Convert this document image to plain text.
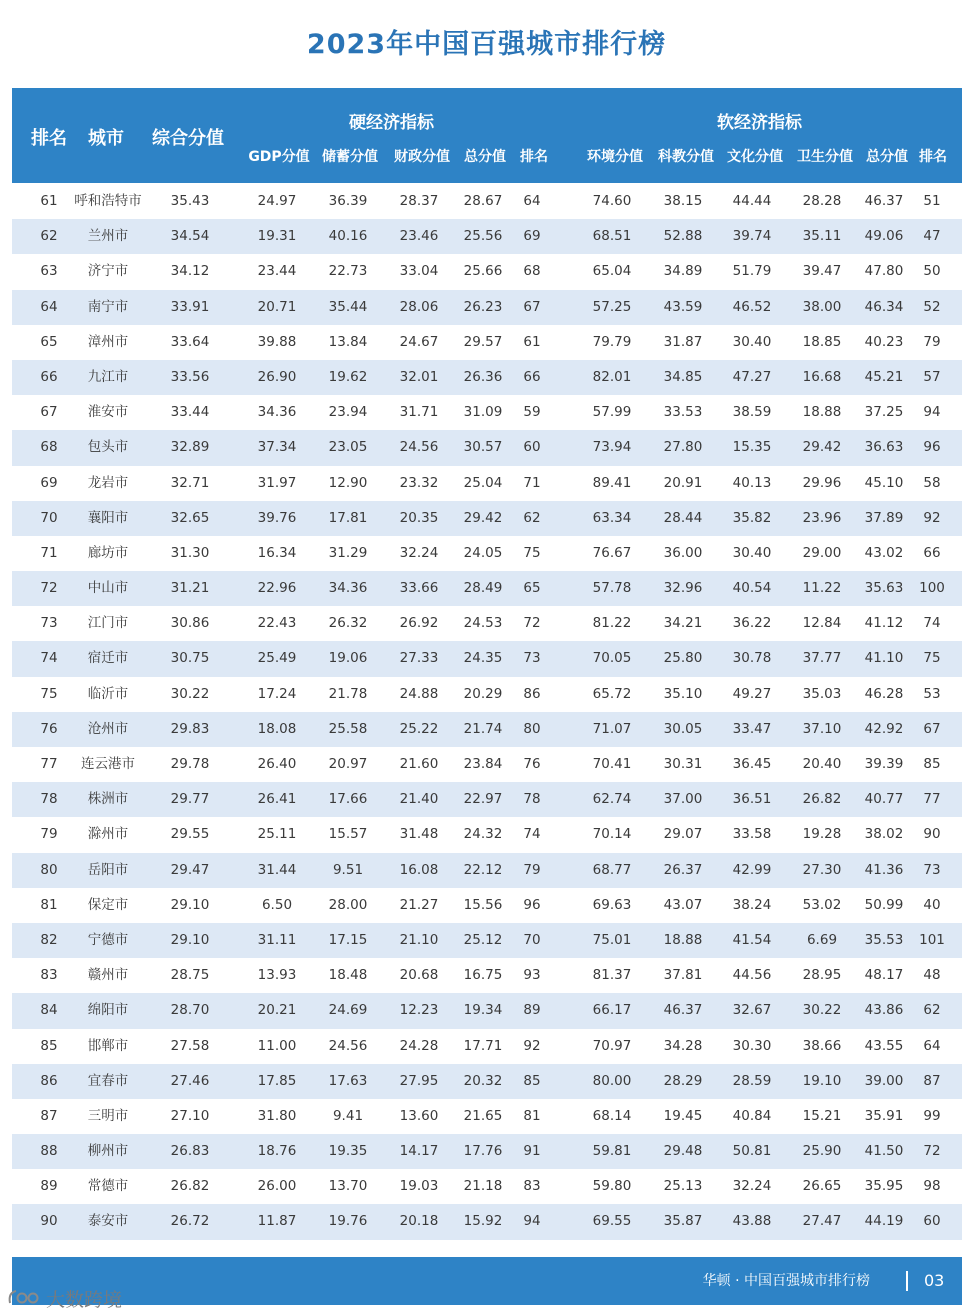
2023年中国百强城市排行榜
排名 城市 综合分值
硬经济指标	软经济指标
GDP分值 储蓄分值 财政分值 总分值 排名	环境分值 科教分值 文化分值 卫生分值 总分值 排名
61 呼和浩特市 35.43	24.97 36.39 28.37 28.67 64	74.60 38.15 44.44 28.28 46.37 51
62 兰州市	34.54	19.31 40.16 23.46 25.56 69	68.51 52.88 39.74 35.11 49.06 47
63 济宁市	34.12	23.44 22.73 33.04 25.66 68	65.04 34.89 51.79 39.47 47.80 50
64 南宁市	33.91	20.71 35.44 28.06 26.23 67	57.25 43.59 46.52 38.00 46.34 52
65 漳州市	33.64	39.88 13.84 24.67 29.57 61	79.79 31.87 30.40 18.85 40.23 79
66 九江市	33.56	26.90 19.62 32.01 26.36 66	82.01 34.85 47.27 16.68 45.21 57
67 淮安市	33.44	34.36 23.94 31.71 31.09 59	57.99 33.53 38.59 18.88 37.25 94
68 包头市	32.89	37.34 23.05 24.56 30.57 60	73.94 27.80 15.35 29.42 36.63 96
69 龙岩市	32.71	31.97 12.90 23.32 25.04 71	89.41 20.91 40.13 29.96 45.10 58
70 襄阳市	32.65	39.76 17.81 20.35 29.42 62	63.34 28.44 35.82 23.96 37.89 92
71 廊坊市	31.30	16.34 31.29 32.24 24.05 75	76.67 36.00 30.40 29.00 43.02 66
72 中山市	31.21	22.96 34.36 33.66 28.49 65	57.78 32.96 40.54 11.22 35.63 100
73 江门市	30.86	22.43 26.32 26.92 24.53 72	81.22 34.21 36.22 12.84 41.12 74
74 宿迁市	30.75	25.49 19.06 27.33 24.35 73	70.05 25.80 30.78 37.77 41.10 75
75 临沂市	30.22	17.24 21.78 24.88 20.29 86	65.72 35.10 49.27 35.03 46.28 53
76 沧州市	29.83	18.08 25.58 25.22 21.74 80	71.07 30.05 33.47 37.10 42.92 67
77 连云港市	29.78	26.40 20.97 21.60 23.84 76	70.41 30.31 36.45 20.40 39.39 85
78 株洲市	29.77	26.41 17.66 21.40 22.97 78	62.74 37.00 36.51 26.82 40.77 77
79 滁州市	29.55	25.11 15.57 31.48 24.32 74	70.14 29.07 33.58 19.28 38.02 90
80 岳阳市	29.47	31.44	9.51	16.08 22.12 79	68.77 26.37 42.99 27.30 41.36 73
81 保定市	29.10	6.50	28.00 21.27 15.56 96	69.63 43.07 38.24 53.02 50.99 40
82 宁德市	29.10	31.11 17.15 21.10 25.12 70	75.01 18.88 41.54	6.69 35.53 101
83 赣州市	28.75	13.93 18.48 20.68 16.75 93	81.37 37.81 44.56 28.95 48.17 48
84 绵阳市	28.70	20.21 24.69 12.23 19.34 89	66.17 46.37 32.67 30.22 43.86 62
85 邯郸市	27.58	11.00 24.56 24.28 17.71 92	70.97 34.28 30.30 38.66 43.55 64
86 宜春市	27.46	17.85 17.63 27.95 20.32 85	80.00 28.29 28.59 19.10 39.00 87
87 三明市	27.10	31.80	9.41	13.60 21.65 81	68.14 19.45 40.84 15.21 35.91 99
88 柳州市	26.83	18.76 19.35 14.17 17.76 91	59.81 29.48 50.81 25.90 41.50 72
89 常德市	26.82	26.00 13.70 19.03 21.18 83	59.80 25.13 32.24 26.65 35.95 98
90 泰安市	26.72	11.87 19.76 20.18 15.92 94	69.55 35.87 43.88 27.47 44.19 60
华顿 · 中国百强城市排行榜	03
大数跨境
